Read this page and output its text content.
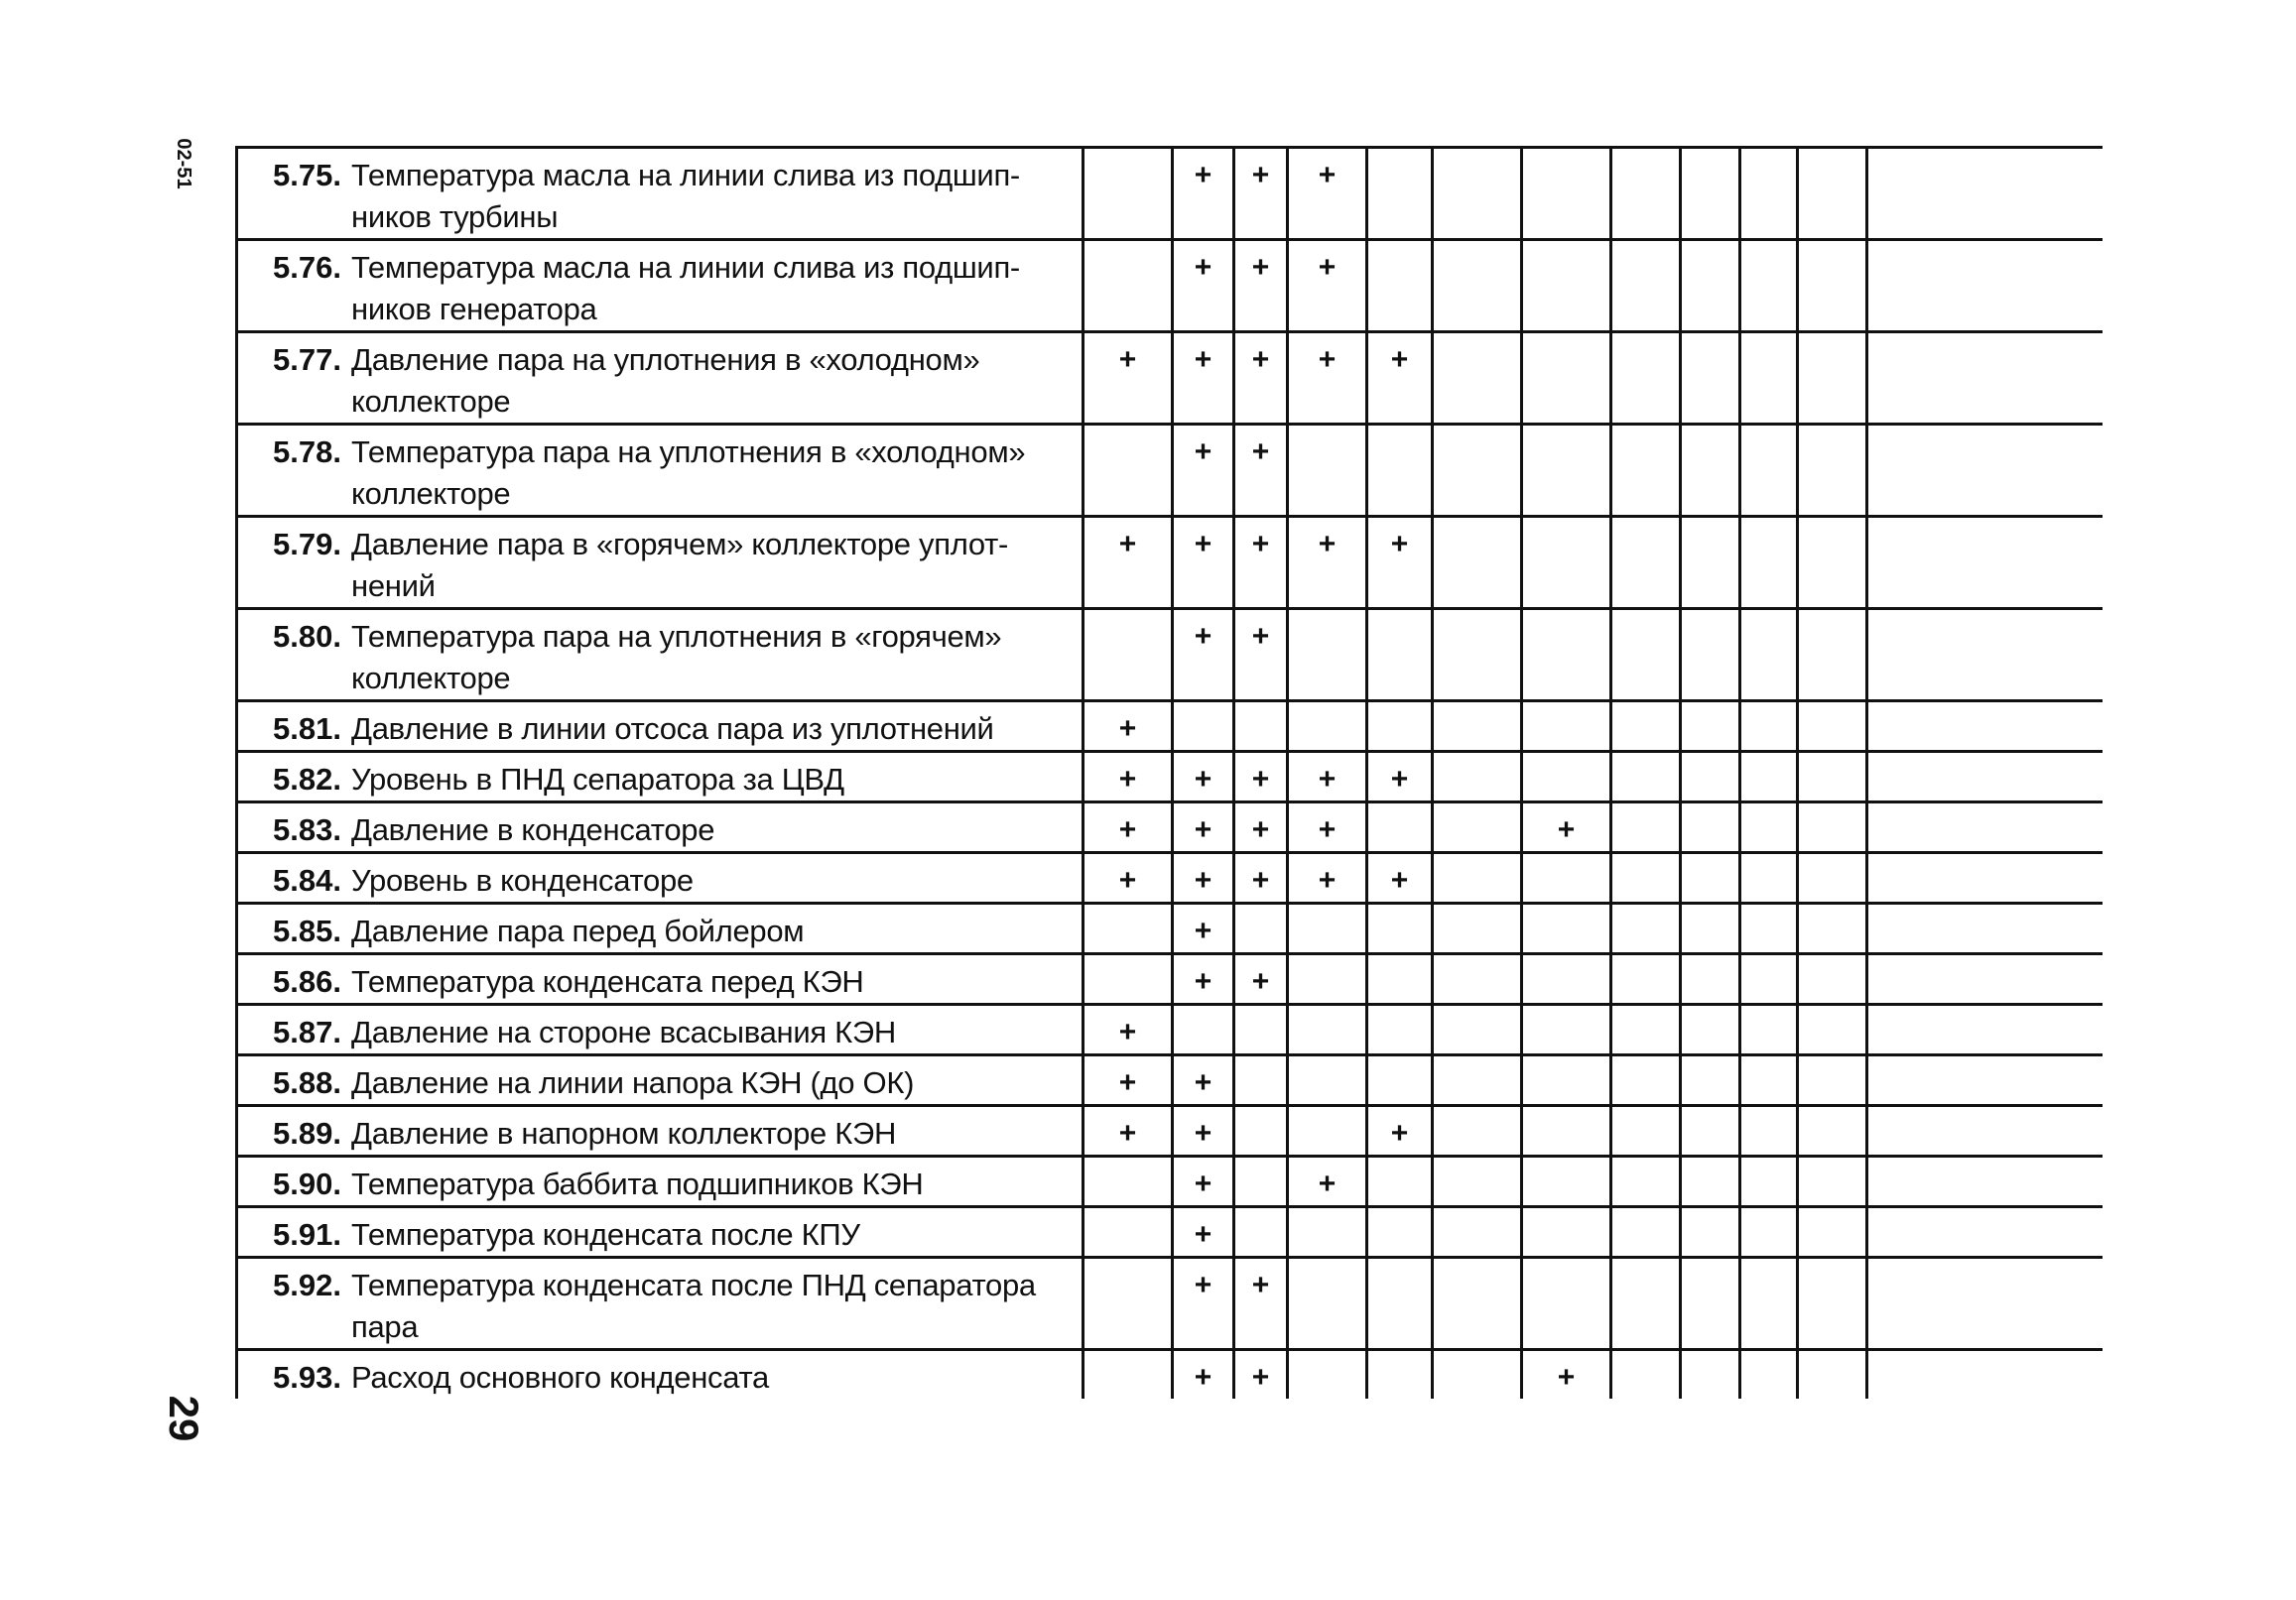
02-51
29
5.75. Температура масла на линии слива из подшип-ников турбины		+	+	+								

5.76. Температура масла на линии слива из подшип-ников генератора		+	+	+								

5.77. Давление пара на уплотнения в «холодном» коллекторе	+	+	+	+	+							

5.78. Температура пара на уплотнения в «холодном» коллекторе		+	+									

5.79. Давление пара в «горячем» коллекторе уплот-нений	+	+	+	+	+							

5.80. Температура пара на уплотнения в «горячем» коллекторе		+	+									

5.81. Давление в линии отсоса пара из уплотнений	+											

5.82. Уровень в ПНД сепаратора за ЦВД	+	+	+	+	+							

5.83. Давление в конденсаторе	+	+	+	+			+					

5.84. Уровень в конденсаторе	+	+	+	+	+							

5.85. Давление пара перед бойлером		+										

5.86. Температура конденсата перед КЭН		+	+									

5.87. Давление на стороне всасывания КЭН	+											

5.88. Давление на линии напора КЭН (до ОК)	+	+										

5.89. Давление в напорном коллекторе КЭН	+	+			+							

5.90. Температура баббита подшипников КЭН		+		+								

5.91. Температура конденсата после КПУ		+										

5.92. Температура конденсата после ПНД сепаратора пара		+	+									

5.93. Расход основного конденсата		+	+				+					
